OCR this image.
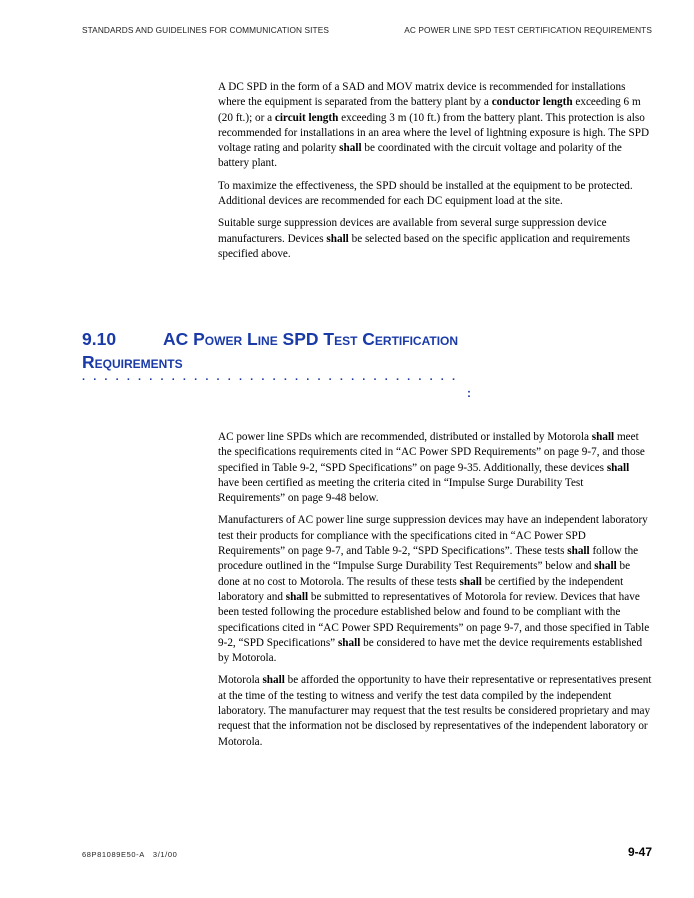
STANDARDS AND GUIDELINES FOR COMMUNICATION SITES	AC POWER LINE SPD TEST CERTIFICATION REQUIREMENTS

A DC SPD in the form of a SAD and MOV matrix device is recommended for installations where the equipment is separated from the battery plant by a conductor length exceeding 6 m (20 ft.); or a circuit length exceeding 3 m (10 ft.) from the battery plant. This protection is also recommended for installations in an area where the level of lightning exposure is high. The SPD voltage rating and polarity shall be coordinated with the circuit voltage and polarity of the battery plant.

To maximize the effectiveness, the SPD should be installed at the equipment to be protected. Additional devices are recommended for each DC equipment load at the site.

Suitable surge suppression devices are available from several surge suppression device manufacturers. Devices shall be selected based on the specific application and requirements specified above.

9.10	AC Power Line SPD Test Certification Requirements
. . . . . . . . . . . . . . . . . . . . . . . . . . . . . . . . . .
:

AC power line SPDs which are recommended, distributed or installed by Motorola shall meet the specifications requirements cited in “AC Power SPD Requirements” on page 9-7, and those specified in Table 9-2, “SPD Specifications” on page 9-35. Additionally, these devices shall have been certified as meeting the criteria cited in “Impulse Surge Durability Test Requirements” on page 9-48 below.

Manufacturers of AC power line surge suppression devices may have an independent laboratory test their products for compliance with the specifications cited in “AC Power SPD Requirements” on page 9-7, and Table 9-2, “SPD Specifications”. These tests shall follow the procedure outlined in the “Impulse Surge Durability Test Requirements” below and shall be done at no cost to Motorola. The results of these tests shall be certified by the independent laboratory and shall be submitted to representatives of Motorola for review. Devices that have been tested following the procedure established below and found to be compliant with the specifications cited in “AC Power SPD Requirements” on page 9-7, and those specified in Table 9-2, “SPD Specifications” shall be considered to have met the device requirements established by Motorola.

Motorola shall be afforded the opportunity to have their representative or representatives present at the time of the testing to witness and verify the test data compiled by the independent laboratory. The manufacturer may request that the test results be considered proprietary and may request that the information not be disclosed by representatives of the independent laboratory or Motorola.

68P81089E50-A 3/1/00	9-47
